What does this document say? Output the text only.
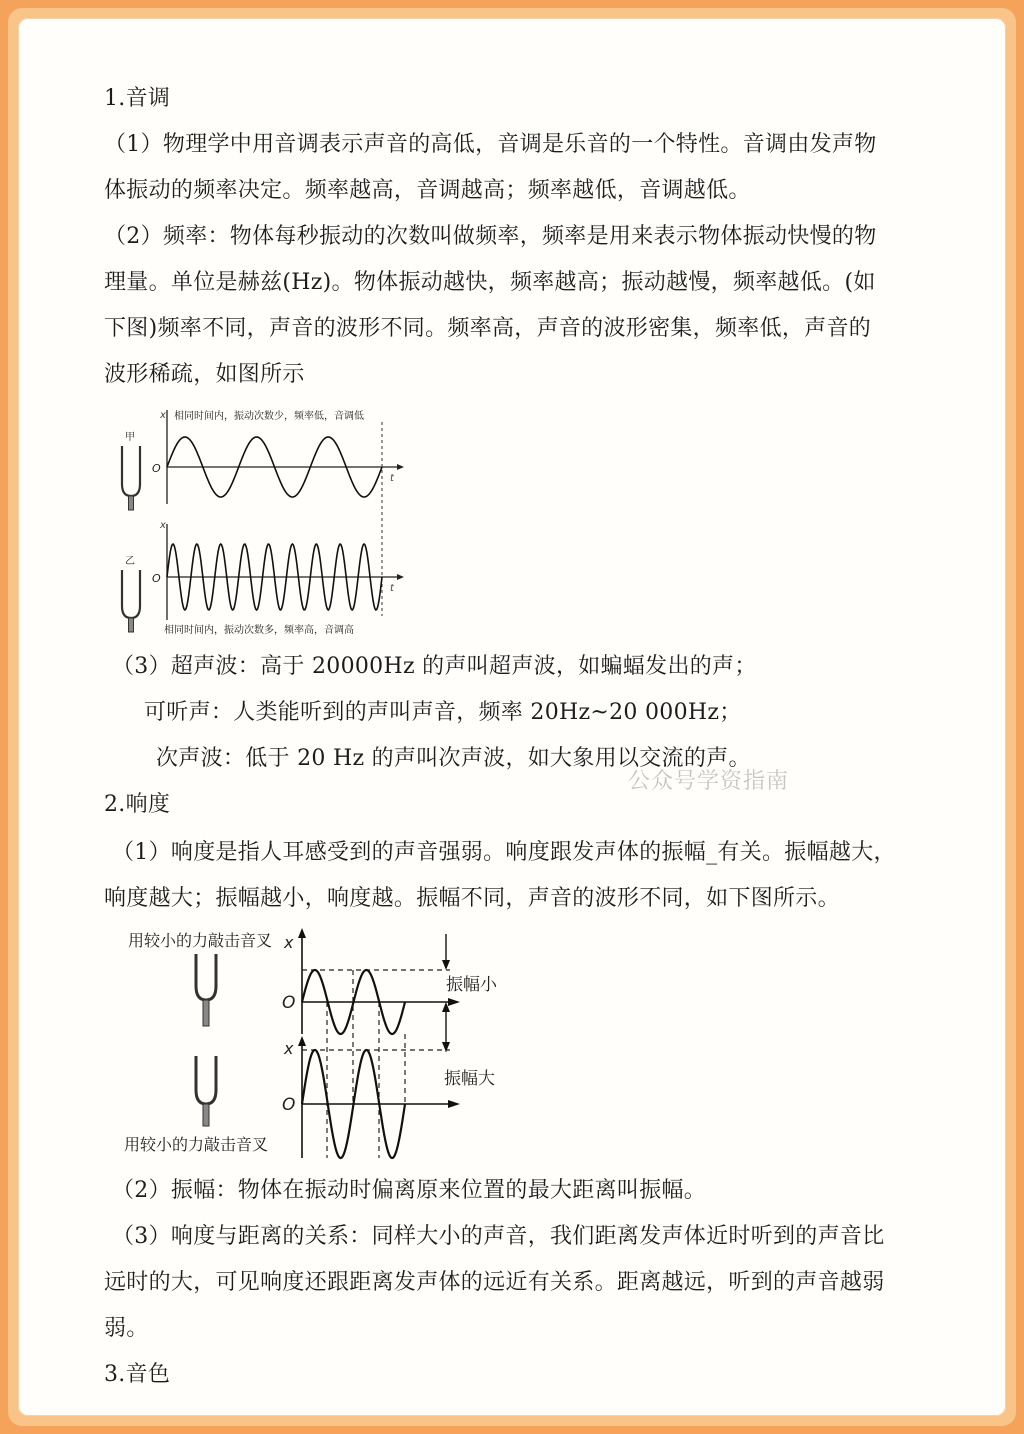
1.音调
（1）物理学中用音调表示声音的高低，音调是乐音的一个特性。音调由发声物
体振动的频率决定。频率越高，音调越高；频率越低，音调越低。
（2）频率：物体每秒振动的次数叫做频率，频率是用来表示物体振动快慢的物
理量。单位是赫兹(Hz)。物体振动越快，频率越高；振动越慢，频率越低。(如
下图)频率不同，声音的波形不同。频率高，声音的波形密集，频率低，声音的
波形稀疏，如图所示
相同时间内，振动次数少，频率低，音调低
x
O
t
甲
x
O
t
乙
相同时间内，振动次数多，频率高，音调高
（3）超声波：高于 20000Hz 的声叫超声波，如蝙蝠发出的声；
可听声：人类能听到的声叫声音，频率 20Hz~20 000Hz；
次声波：低于 20 Hz 的声叫次声波，如大象用以交流的声。
公众号学资指南
2.响度
（1）响度是指人耳感受到的声音强弱。响度跟发声体的振幅_有关。振幅越大，
响度越大；振幅越小，响度越。振幅不同，声音的波形不同，如下图所示。
用较小的力敲击音叉
用较小的力敲击音叉
x
O
x
O
振幅小
振幅大
（2）振幅：物体在振动时偏离原来位置的最大距离叫振幅。
（3）响度与距离的关系：同样大小的声音，我们距离发声体近时听到的声音比
远时的大，可见响度还跟距离发声体的远近有关系。距离越远，听到的声音越弱
弱。
3.音色
